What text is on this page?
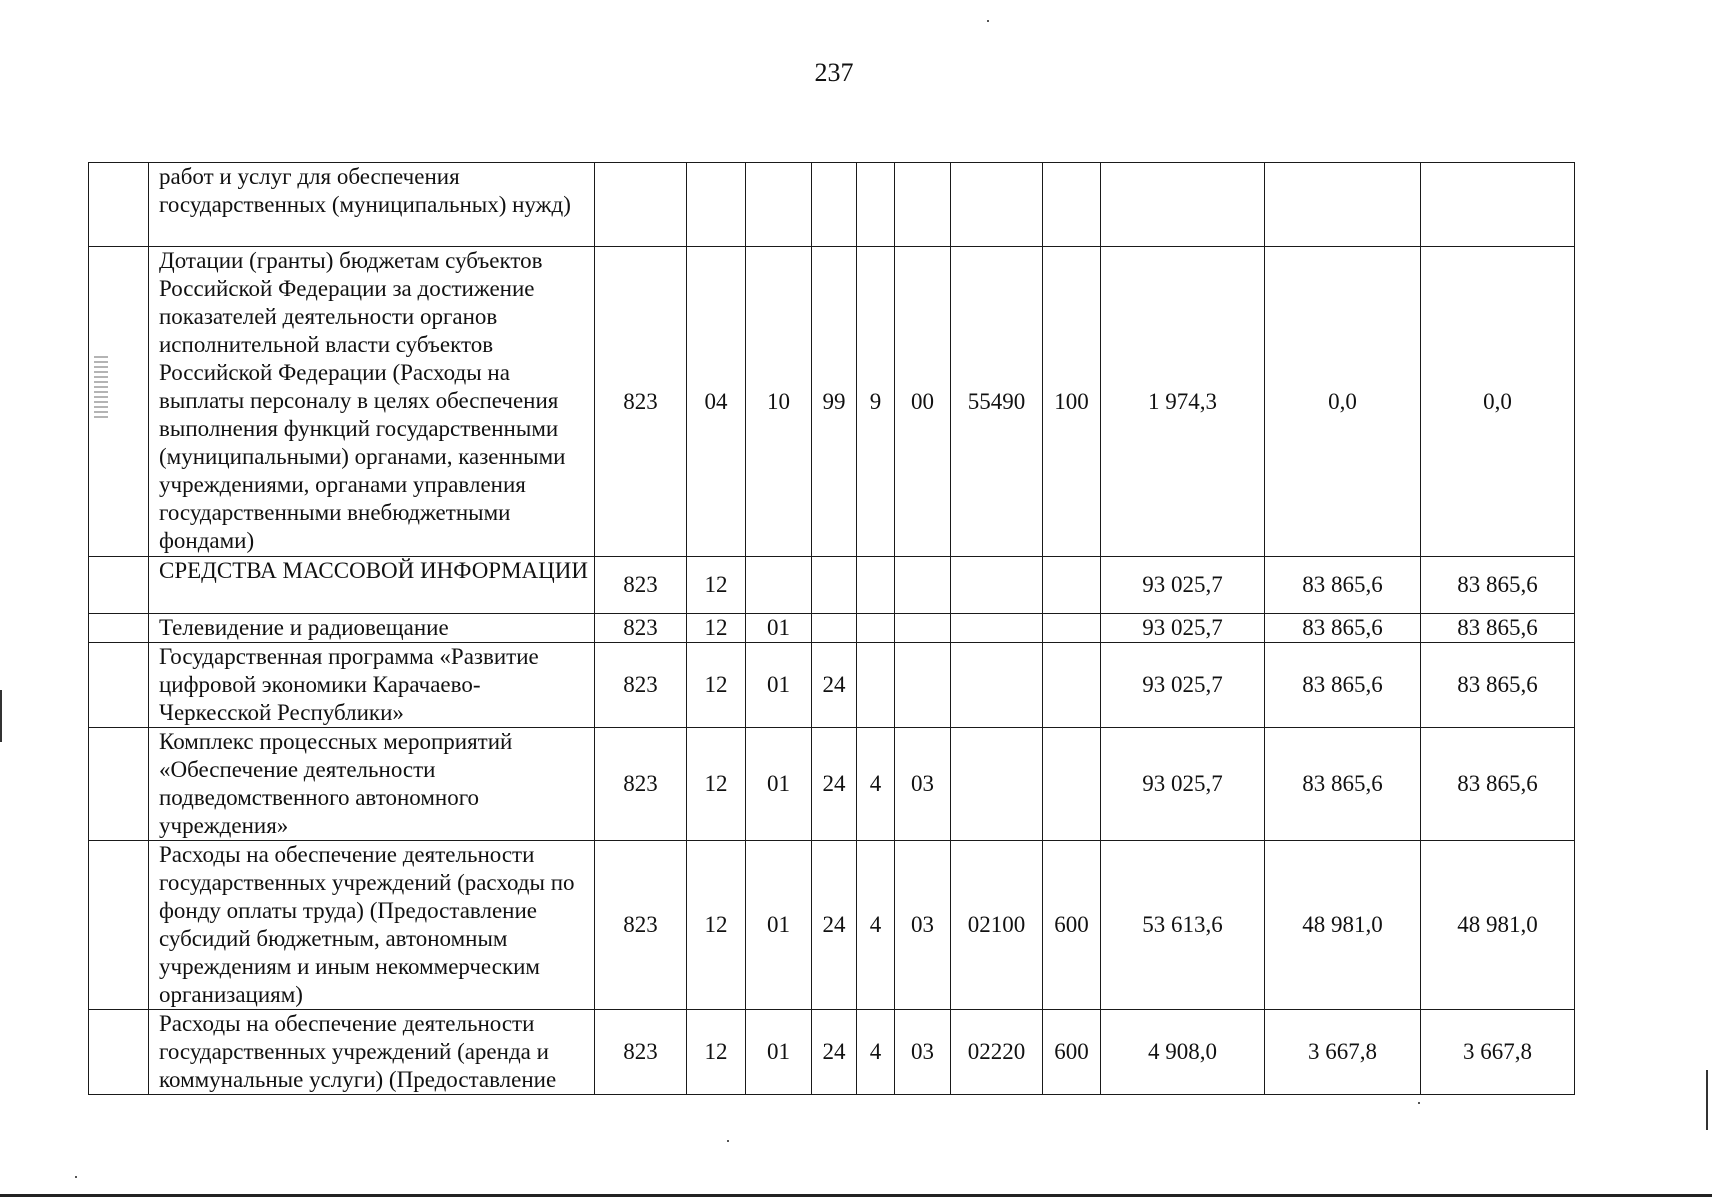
237
	работ и услуг для обеспечения государственных (муниципальных) нужд)											
	Дотации (гранты) бюджетам субъектов Российской Федерации за достижение показателей деятельности органов исполнительной власти субъектов Российской Федерации (Расходы на выплаты персоналу в целях обеспечения выполнения функций государственными (муниципальными) органами, казенными учреждениями, органами управления государственными внебюджетными фондами)	823	04	10	99	9	00	55490	100	1 974,3	0,0	0,0
	СРЕДСТВА МАССОВОЙ ИНФОРМАЦИИ	823	12							93 025,7	83 865,6	83 865,6
	Телевидение и радиовещание	823	12	01						93 025,7	83 865,6	83 865,6
	Государственная программа «Развитие цифровой экономики Карачаево-Черкесской Республики»	823	12	01	24					93 025,7	83 865,6	83 865,6
	Комплекс процессных мероприятий «Обеспечение деятельности подведомственного автономного учреждения»	823	12	01	24	4	03			93 025,7	83 865,6	83 865,6
	Расходы на обеспечение деятельности государственных учреждений (расходы по фонду оплаты труда) (Предоставление субсидий бюджетным, автономным учреждениям и иным некоммерческим организациям)	823	12	01	24	4	03	02100	600	53 613,6	48 981,0	48 981,0
	Расходы на обеспечение деятельности государственных учреждений (аренда и коммунальные услуги) (Предоставление	823	12	01	24	4	03	02220	600	4 908,0	3 667,8	3 667,8
